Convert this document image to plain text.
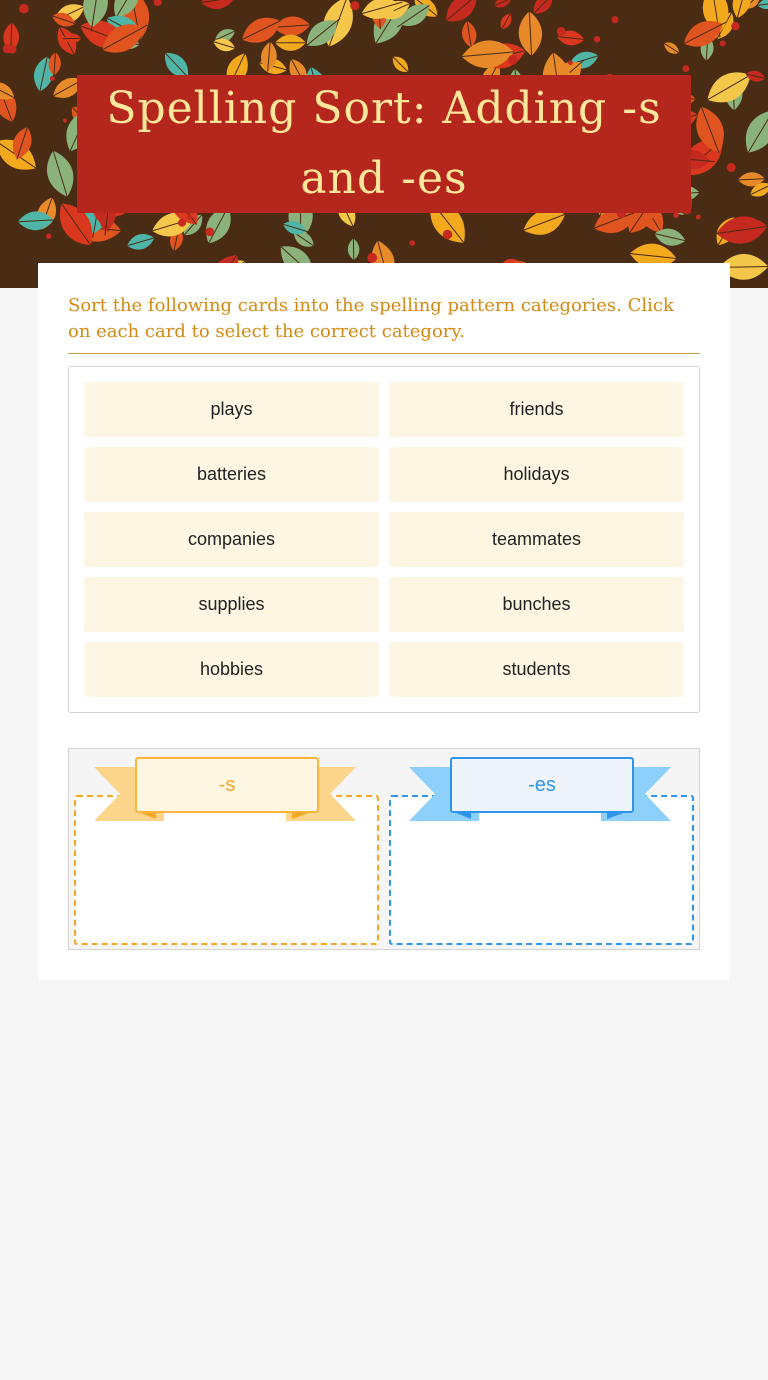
Spelling Sort: Adding -s and -es
Sort the following cards into the spelling pattern categories. Click on each card to select the correct category.
plays	friends
batteries	holidays
companies	teammates
supplies	bunches
hobbies	students
-s	-es
